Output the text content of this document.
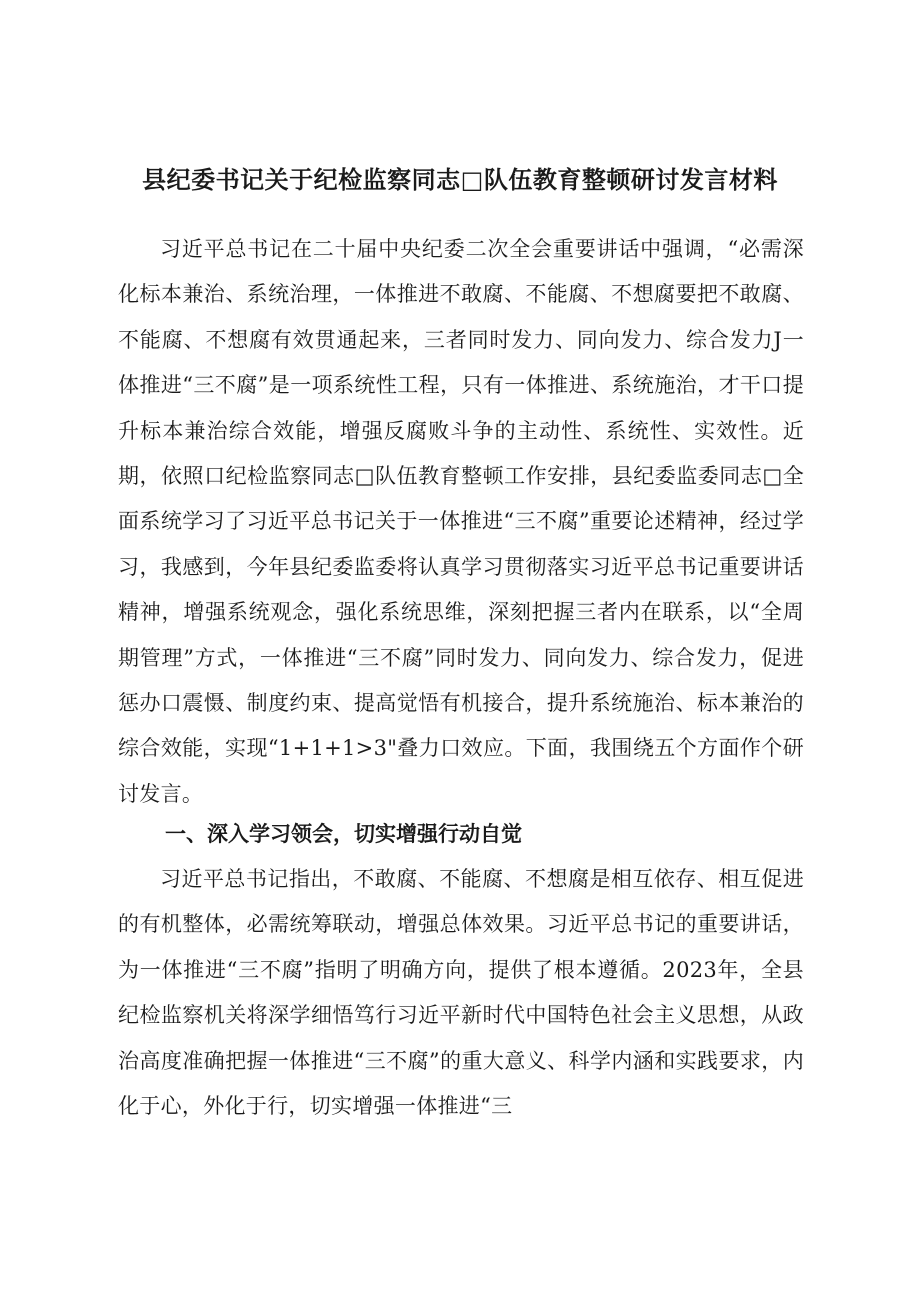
县纪委书记关于纪检监察同志□队伍教育整顿研讨发言材料

习近平总书记在二十届中央纪委二次全会重要讲话中强调，“必需深化标本兼治、系统治理，一体推进不敢腐、不能腐、不想腐要把不敢腐、不能腐、不想腐有效贯通起来，三者同时发力、同向发力、综合发力J一体推进“三不腐”是一项系统性工程，只有一体推进、系统施治，才干口提升标本兼治综合效能，增强反腐败斗争的主动性、系统性、实效性。近期，依照口纪检监察同志□队伍教育整顿工作安排，县纪委监委同志□全面系统学习了习近平总书记关于一体推进“三不腐”重要论述精神，经过学习，我感到，今年县纪委监委将认真学习贯彻落实习近平总书记重要讲话精神，增强系统观念，强化系统思维，深刻把握三者内在联系，以“全周期管理”方式，一体推进“三不腐”同时发力、同向发力、综合发力，促进惩办口震慑、制度约束、提高觉悟有机接合，提升系统施治、标本兼治的综合效能，实现“1+1+1>3"叠力口效应。下面，我围绕五个方面作个研讨发言。

一、深入学习领会，切实增强行动自觉

习近平总书记指出，不敢腐、不能腐、不想腐是相互依存、相互促进的有机整体，必需统筹联动，增强总体效果。习近平总书记的重要讲话，为一体推进“三不腐”指明了明确方向，提供了根本遵循。2023年，全县纪检监察机关将深学细悟笃行习近平新时代中国特色社会主义思想，从政治高度准确把握一体推进“三不腐”的重大意义、科学内涵和实践要求，内化于心，外化于行，切实增强一体推进“三
